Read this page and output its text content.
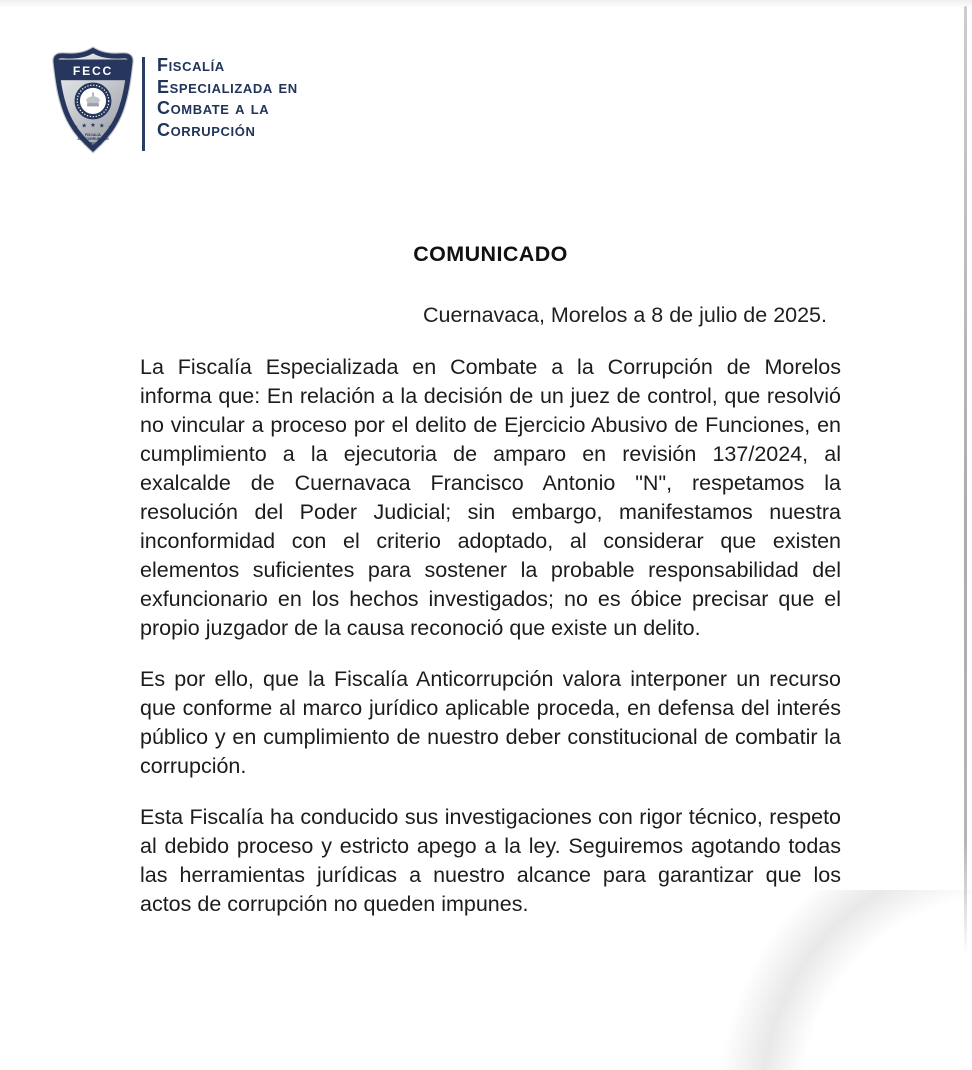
FECC
★ ★ ★ ★ ★
FISCALÍA
ANTICORRUPCIÓN
MORELOS
Fiscalía
Especializada en
Combate a la
Corrupción
COMUNICADO
Cuernavaca, Morelos a 8 de julio de 2025.

La Fiscalía Especializada en Combate a la Corrupción de Morelos informa que: En relación a la decisión de un juez de control, que resolvió no vincular a proceso por el delito de Ejercicio Abusivo de Funciones, en cumplimiento a la ejecutoria de amparo en revisión 137/2024, al exalcalde de Cuernavaca Francisco Antonio "N", respetamos la resolución del Poder Judicial; sin embargo, manifestamos nuestra inconformidad con el criterio adoptado, al considerar que existen elementos suficientes para sostener la probable responsabilidad del exfuncionario en los hechos investigados; no es óbice precisar que el propio juzgador de la causa reconoció que existe un delito.

Es por ello, que la Fiscalía Anticorrupción valora interponer un recurso que conforme al marco jurídico aplicable proceda, en defensa del interés público y en cumplimiento de nuestro deber constitucional de combatir la corrupción.

Esta Fiscalía ha conducido sus investigaciones con rigor técnico, respeto al debido proceso y estricto apego a la ley. Seguiremos agotando todas las herramientas jurídicas a nuestro alcance para garantizar que los actos de corrupción no queden impunes.
